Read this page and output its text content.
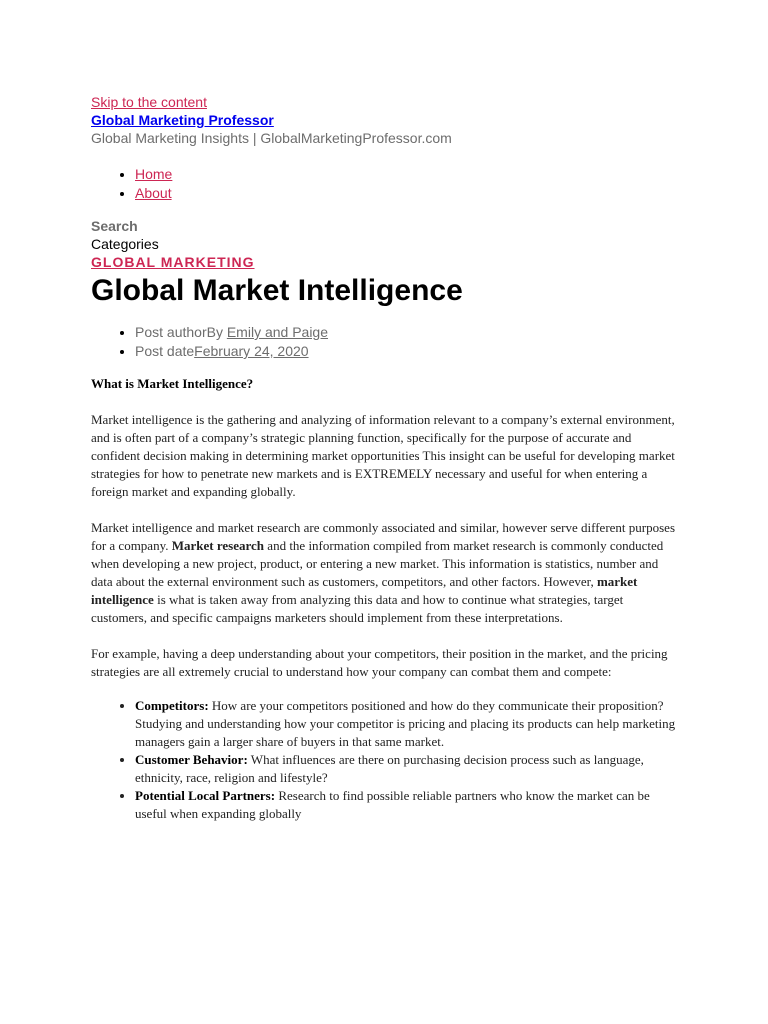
Skip to the content
Global Marketing Professor
Global Marketing Insights | GlobalMarketingProfessor.com
• Home
• About
Search
Categories
GLOBAL MARKETING
Global Market Intelligence
• Post authorBy Emily and Paige
• Post dateFebruary 24, 2020

What is Market Intelligence?

Market intelligence is the gathering and analyzing of information relevant to a company’s external environment, and is often part of a company’s strategic planning function, specifically for the purpose of accurate and confident decision making in determining market opportunities This insight can be useful for developing market strategies for how to penetrate new markets and is EXTREMELY necessary and useful for when entering a foreign market and expanding globally.

Market intelligence and market research are commonly associated and similar, however serve different purposes for a company. Market research and the information compiled from market research is commonly conducted when developing a new project, product, or entering a new market. This information is statistics, number and data about the external environment such as customers, competitors, and other factors. However, market intelligence is what is taken away from analyzing this data and how to continue what strategies, target customers, and specific campaigns marketers should implement from these interpretations.

For example, having a deep understanding about your competitors, their position in the market, and the pricing strategies are all extremely crucial to understand how your company can combat them and compete:

• Competitors: How are your competitors positioned and how do they communicate their proposition? Studying and understanding how your competitor is pricing and placing its products can help marketing managers gain a larger share of buyers in that same market.
• Customer Behavior: What influences are there on purchasing decision process such as language, ethnicity, race, religion and lifestyle?
• Potential Local Partners: Research to find possible reliable partners who know the market can be useful when expanding globally
